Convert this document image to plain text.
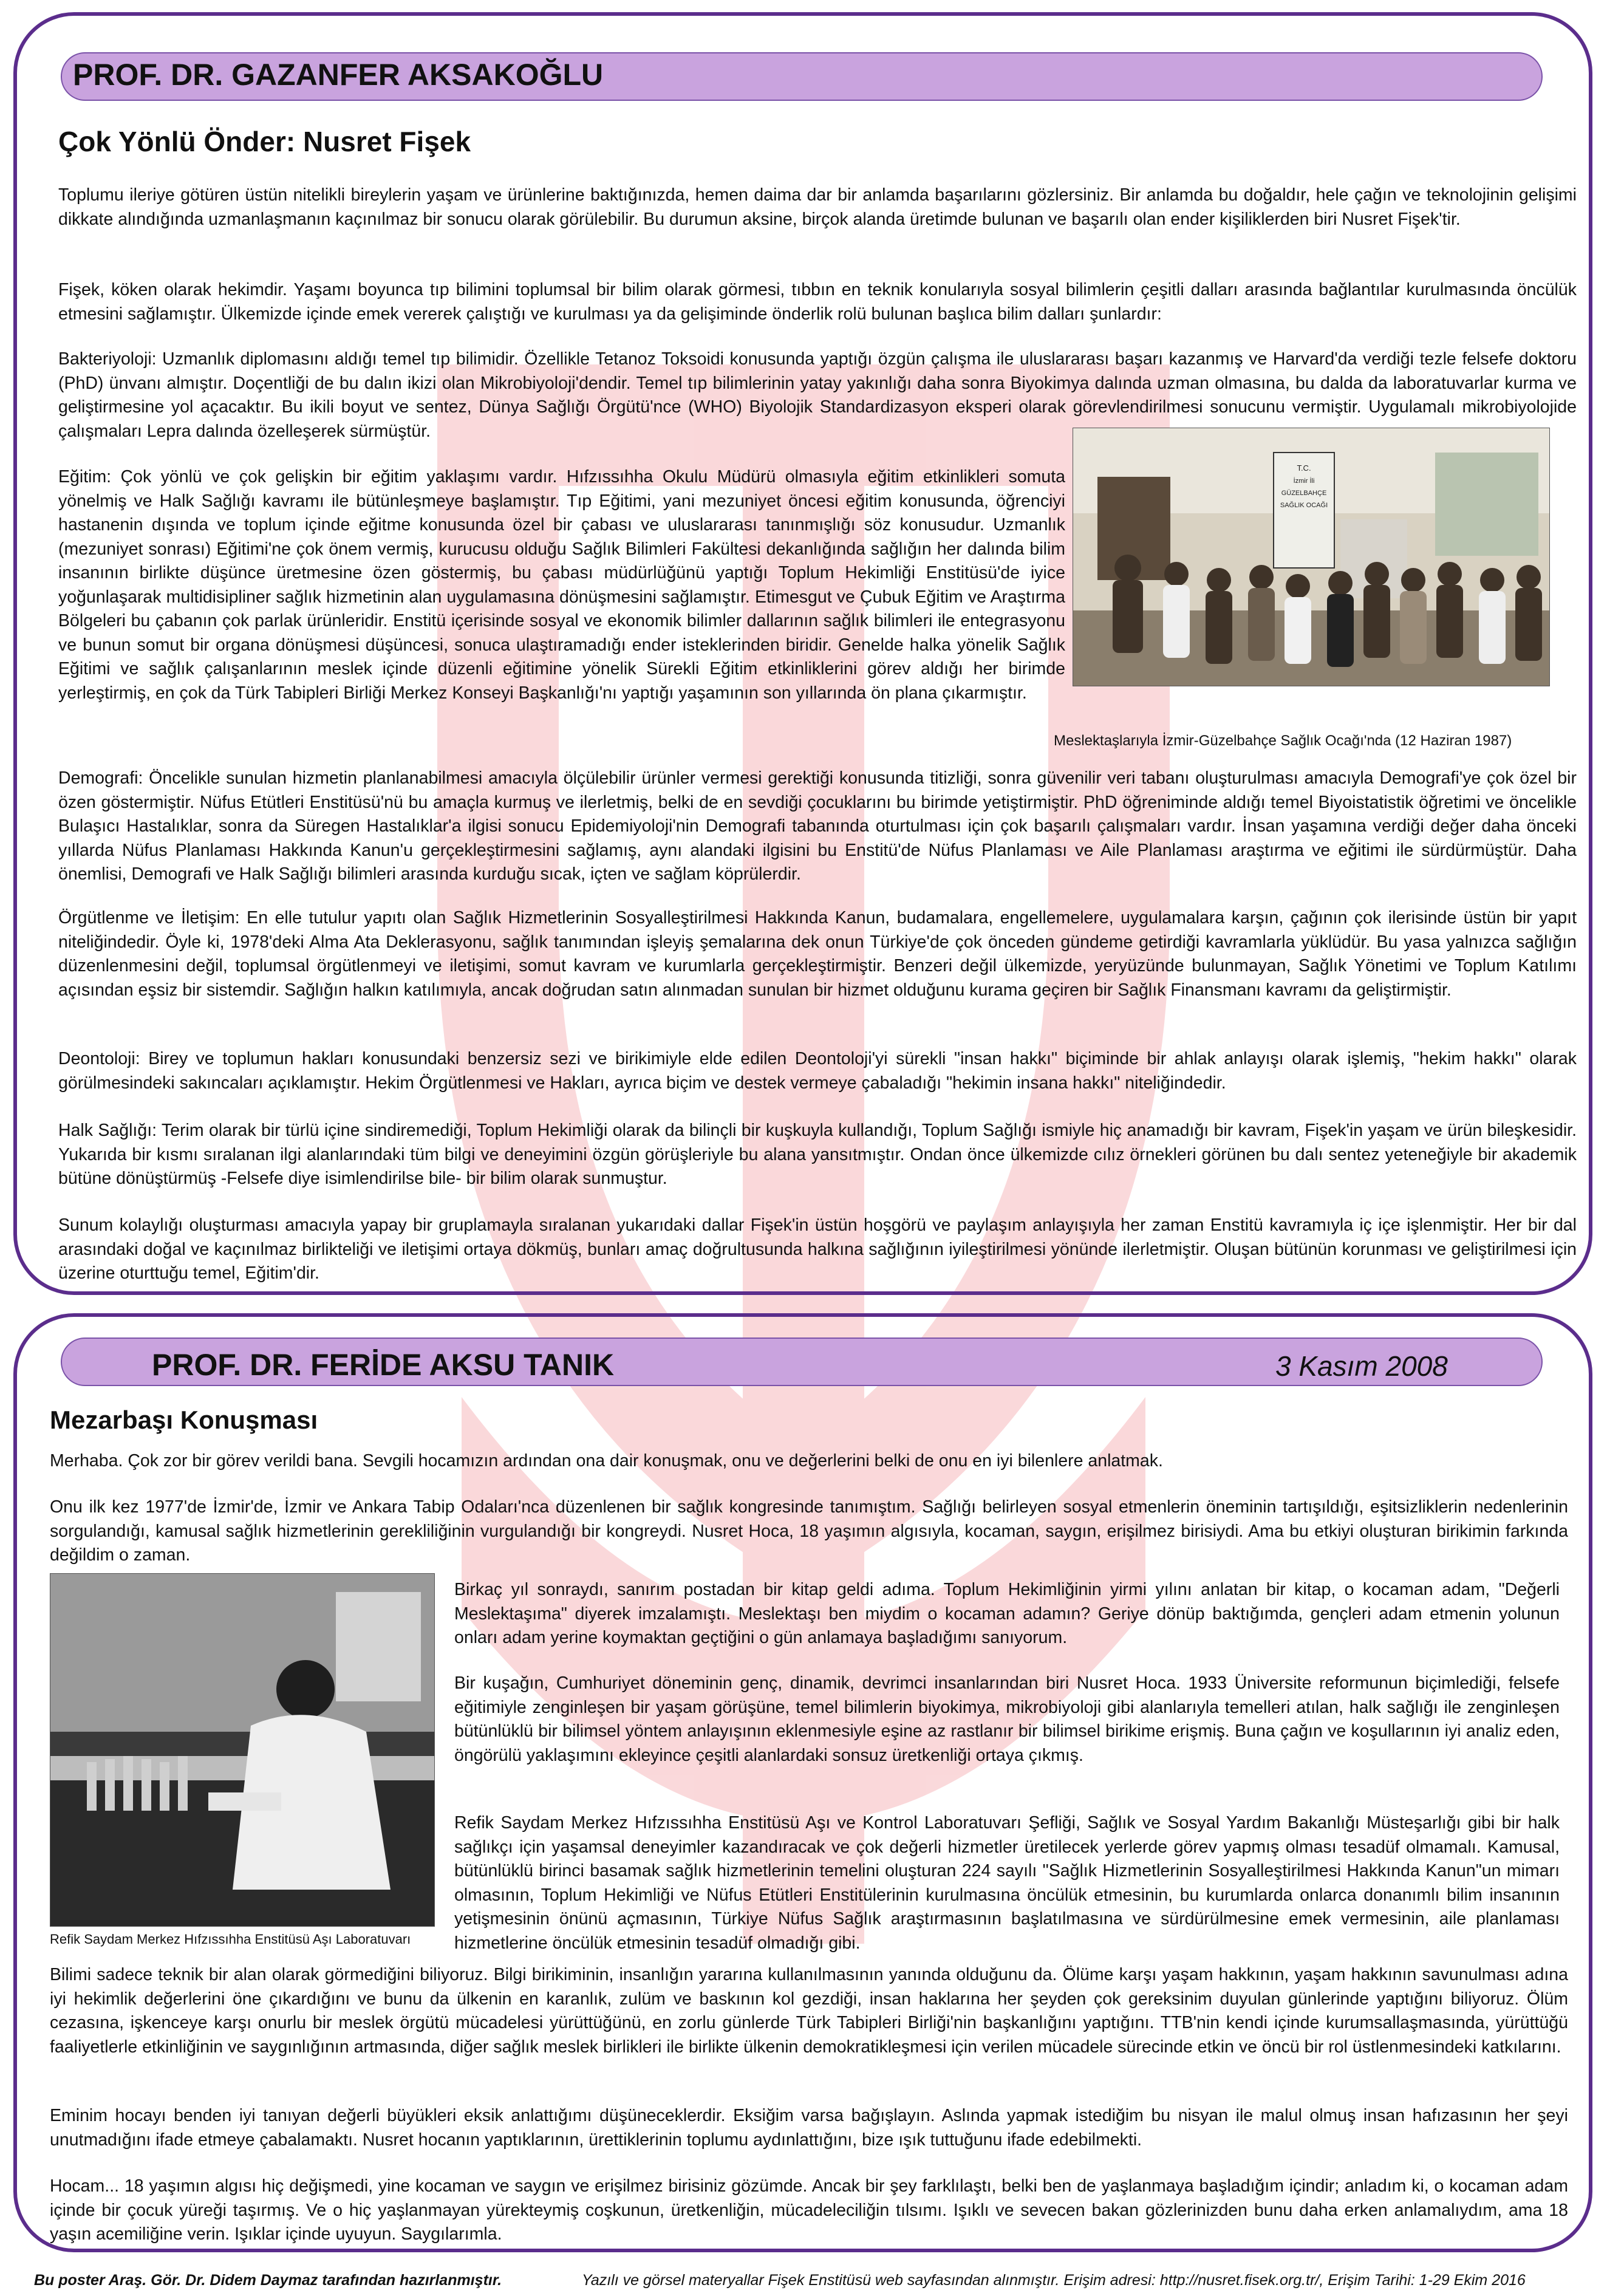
PROF. DR. GAZANFER AKSAKOĞLU
Çok Yönlü Önder: Nusret Fişek

Toplumu ileriye götüren üstün nitelikli bireylerin yaşam ve ürünlerine baktığınızda, hemen daima dar bir anlamda başarılarını gözlersiniz. Bir anlamda bu doğaldır, hele çağın ve teknolojinin gelişimi dikkate alındığında uzmanlaşmanın kaçınılmaz bir sonucu olarak görülebilir. Bu durumun aksine, birçok alanda üretimde bulunan ve başarılı olan ender kişiliklerden biri Nusret Fişek'tir.

Fişek, köken olarak hekimdir. Yaşamı boyunca tıp bilimini toplumsal bir bilim olarak görmesi, tıbbın en teknik konularıyla sosyal bilimlerin çeşitli dalları arasında bağlantılar kurulmasında öncülük etmesini sağlamıştır. Ülkemizde içinde emek vererek çalıştığı ve kurulması ya da gelişiminde önderlik rolü bulunan başlıca bilim dalları şunlardır:

Bakteriyoloji: Uzmanlık diplomasını aldığı temel tıp bilimidir. Özellikle Tetanoz Toksoidi konusunda yaptığı özgün çalışma ile uluslararası başarı kazanmış ve Harvard'da verdiği tezle felsefe doktoru (PhD) ünvanı almıştır. Doçentliği de bu dalın ikizi olan Mikrobiyoloji'dendir. Temel tıp bilimlerinin yatay yakınlığı daha sonra Biyokimya dalında uzman olmasına, bu dalda da laboratuvarlar kurma ve geliştirmesine yol açacaktır. Bu ikili boyut ve sentez, Dünya Sağlığı Örgütü'nce (WHO) Biyolojik Standardizasyon eksperi olarak görevlendirilmesi sonucunu vermiştir. Uygulamalı mikrobiyolojide çalışmaları Lepra dalında özelleşerek sürmüştür.

Eğitim: Çok yönlü ve çok gelişkin bir eğitim yaklaşımı vardır. Hıfzıssıhha Okulu Müdürü olmasıyla eğitim etkinlikleri somuta yönelmiş ve Halk Sağlığı kavramı ile bütünleşmeye başlamıştır. Tıp Eğitimi, yani mezuniyet öncesi eğitim konusunda, öğrenciyi hastanenin dışında ve toplum içinde eğitme konusunda özel bir çabası ve uluslararası tanınmışlığı söz konusudur. Uzmanlık (mezuniyet sonrası) Eğitimi'ne çok önem vermiş, kurucusu olduğu Sağlık Bilimleri Fakültesi dekanlığında sağlığın her dalında bilim insanının birlikte düşünce üretmesine özen göstermiş, bu çabası müdürlüğünü yaptığı Toplum Hekimliği Enstitüsü'de iyice yoğunlaşarak multidisipliner sağlık hizmetinin alan uygulamasına dönüşmesini sağlamıştır. Etimesgut ve Çubuk Eğitim ve Araştırma Bölgeleri bu çabanın çok parlak ürünleridir. Enstitü içerisinde sosyal ve ekonomik bilimler dallarının sağlık bilimleri ile entegrasyonu ve bunun somut bir organa dönüşmesi düşüncesi, sonuca ulaştıramadığı ender isteklerinden biridir. Genelde halka yönelik Sağlık Eğitimi ve sağlık çalışanlarının meslek içinde düzenli eğitimine yönelik Sürekli Eğitim etkinliklerini görev aldığı her birimde yerleştirmiş, en çok da Türk Tabipleri Birliği Merkez Konseyi Başkanlığı'nı yaptığı yaşamının son yıllarında ön plana çıkarmıştır.

Demografi: Öncelikle sunulan hizmetin planlanabilmesi amacıyla ölçülebilir ürünler vermesi gerektiği konusunda titizliği, sonra güvenilir veri tabanı oluşturulması amacıyla Demografi'ye çok özel bir özen göstermiştir. Nüfus Etütleri Enstitüsü'nü bu amaçla kurmuş ve ilerletmiş, belki de en sevdiği çocuklarını bu birimde yetiştirmiştir. PhD öğreniminde aldığı temel Biyoistatistik öğretimi ve öncelikle Bulaşıcı Hastalıklar, sonra da Süregen Hastalıklar'a ilgisi sonucu Epidemiyoloji'nin Demografi tabanında oturtulması için çok başarılı çalışmaları vardır. İnsan yaşamına verdiği değer daha önceki yıllarda Nüfus Planlaması Hakkında Kanun'u gerçekleştirmesini sağlamış, aynı alandaki ilgisini bu Enstitü'de Nüfus Planlaması ve Aile Planlaması araştırma ve eğitimi ile sürdürmüştür. Daha önemlisi, Demografi ve Halk Sağlığı bilimleri arasında kurduğu sıcak, içten ve sağlam köprülerdir.

Örgütlenme ve İletişim: En elle tutulur yapıtı olan Sağlık Hizmetlerinin Sosyalleştirilmesi Hakkında Kanun, budamalara, engellemelere, uygulamalara karşın, çağının çok ilerisinde üstün bir yapıt niteliğindedir. Öyle ki, 1978'deki Alma Ata Deklerasyonu, sağlık tanımından işleyiş şemalarına dek onun Türkiye'de çok önceden gündeme getirdiği kavramlarla yüklüdür. Bu yasa yalnızca sağlığın düzenlenmesini değil, toplumsal örgütlenmeyi ve iletişimi, somut kavram ve kurumlarla gerçekleştirmiştir. Benzeri değil ülkemizde, yeryüzünde bulunmayan, Sağlık Yönetimi ve Toplum Katılımı açısından eşsiz bir sistemdir. Sağlığın halkın katılımıyla, ancak doğrudan satın alınmadan sunulan bir hizmet olduğunu kurama geçiren bir Sağlık Finansmanı kavramı da geliştirmiştir.

Deontoloji: Birey ve toplumun hakları konusundaki benzersiz sezi ve birikimiyle elde edilen Deontoloji'yi sürekli "insan hakkı" biçiminde bir ahlak anlayışı olarak işlemiş, "hekim hakkı" olarak görülmesindeki sakıncaları açıklamıştır. Hekim Örgütlenmesi ve Hakları, ayrıca biçim ve destek vermeye çabaladığı "hekimin insana hakkı" niteliğindedir.

Halk Sağlığı: Terim olarak bir türlü içine sindiremediği, Toplum Hekimliği olarak da bilinçli bir kuşkuyla kullandığı, Toplum Sağlığı ismiyle hiç anamadığı bir kavram, Fişek'in yaşam ve ürün bileşkesidir. Yukarıda bir kısmı sıralanan ilgi alanlarındaki tüm bilgi ve deneyimini özgün görüşleriyle bu alana yansıtmıştır. Ondan önce ülkemizde cılız örnekleri görünen bu dalı sentez yeteneğiyle bir akademik bütüne dönüştürmüş -Felsefe diye isimlendirilse bile- bir bilim olarak sunmuştur.

Sunum kolaylığı oluşturması amacıyla yapay bir gruplamayla sıralanan yukarıdaki dallar Fişek'in üstün hoşgörü ve paylaşım anlayışıyla her zaman Enstitü kavramıyla iç içe işlenmiştir. Her bir dal arasındaki doğal ve kaçınılmaz birlikteliği ve iletişimi ortaya dökmüş, bunları amaç doğrultusunda halkına sağlığının iyileştirilmesi yönünde ilerletmiştir. Oluşan bütünün korunması ve geliştirilmesi için üzerine oturttuğu temel, Eğitim'dir.

T.C.
İzmir İli
GÜZELBAHÇE
SAĞLIK OCAĞI
Meslektaşlarıyla İzmir-Güzelbahçe Sağlık Ocağı'nda (12 Haziran 1987)
PROF. DR. FERİDE AKSU TANIK	3 Kasım 2008
Mezarbaşı Konuşması

Merhaba. Çok zor bir görev verildi bana. Sevgili hocamızın ardından ona dair konuşmak, onu ve değerlerini belki de onu en iyi bilenlere anlatmak.

Onu ilk kez 1977'de İzmir'de, İzmir ve Ankara Tabip Odaları'nca düzenlenen bir sağlık kongresinde tanımıştım. Sağlığı belirleyen sosyal etmenlerin öneminin tartışıldığı, eşitsizliklerin nedenlerinin sorgulandığı, kamusal sağlık hizmetlerinin gerekliliğinin vurgulandığı bir kongreydi. Nusret Hoca, 18 yaşımın algısıyla, kocaman, saygın, erişilmez birisiydi. Ama bu etkiyi oluşturan birikimin farkında değildim o zaman.

Birkaç yıl sonraydı, sanırım postadan bir kitap geldi adıma. Toplum Hekimliğinin yirmi yılını anlatan bir kitap, o kocaman adam, "Değerli Meslektaşıma" diyerek imzalamıştı. Meslektaşı ben miydim o kocaman adamın? Geriye dönüp baktığımda, gençleri adam etmenin yolunun onları adam yerine koymaktan geçtiğini o gün anlamaya başladığımı sanıyorum.

Bir kuşağın, Cumhuriyet döneminin genç, dinamik, devrimci insanlarından biri Nusret Hoca. 1933 Üniversite reformunun biçimlediği, felsefe eğitimiyle zenginleşen bir yaşam görüşüne, temel bilimlerin biyokimya, mikrobiyoloji gibi alanlarıyla temelleri atılan, halk sağlığı ile zenginleşen bütünlüklü bir bilimsel yöntem anlayışının eklenmesiyle eşine az rastlanır bir bilimsel birikime erişmiş. Buna çağın ve koşullarının iyi analiz eden, öngörülü yaklaşımını ekleyince çeşitli alanlardaki sonsuz üretkenliği ortaya çıkmış.

Refik Saydam Merkez Hıfzıssıhha Enstitüsü Aşı ve Kontrol Laboratuvarı Şefliği, Sağlık ve Sosyal Yardım Bakanlığı Müsteşarlığı gibi bir halk sağlıkçı için yaşamsal deneyimler kazandıracak ve çok değerli hizmetler üretilecek yerlerde görev yapmış olması tesadüf olmamalı. Kamusal, bütünlüklü birinci basamak sağlık hizmetlerinin temelini oluşturan 224 sayılı "Sağlık Hizmetlerinin Sosyalleştirilmesi Hakkında Kanun"un mimarı olmasının, Toplum Hekimliği ve Nüfus Etütleri Enstitülerinin kurulmasına öncülük etmesinin, bu kurumlarda onlarca donanımlı bilim insanının yetişmesinin önünü açmasının, Türkiye Nüfus Sağlık araştırmasının başlatılmasına ve sürdürülmesine emek vermesinin, aile planlaması hizmetlerine öncülük etmesinin tesadüf olmadığı gibi.

Bilimi sadece teknik bir alan olarak görmediğini biliyoruz. Bilgi birikiminin, insanlığın yararına kullanılmasının yanında olduğunu da. Ölüme karşı yaşam hakkının, yaşam hakkının savunulması adına iyi hekimlik değerlerini öne çıkardığını ve bunu da ülkenin en karanlık, zulüm ve baskının kol gezdiği, insan haklarına her şeyden çok gereksinim duyulan günlerinde yaptığını biliyoruz. Ölüm cezasına, işkenceye karşı onurlu bir meslek örgütü mücadelesi yürüttüğünü, en zorlu günlerde Türk Tabipleri Birliği'nin başkanlığını yaptığını. TTB'nin kendi içinde kurumsallaşmasında, yürüttüğü faaliyetlerle etkinliğinin ve saygınlığının artmasında, diğer sağlık meslek birlikleri ile birlikte ülkenin demokratikleşmesi için verilen mücadele sürecinde etkin ve öncü bir rol üstlenmesindeki katkılarını.

Eminim hocayı benden iyi tanıyan değerli büyükleri eksik anlattığımı düşüneceklerdir. Eksiğim varsa bağışlayın. Aslında yapmak istediğim bu nisyan ile malul olmuş insan hafızasının her şeyi unutmadığını ifade etmeye çabalamaktı. Nusret hocanın yaptıklarının, ürettiklerinin toplumu aydınlattığını, bize ışık tuttuğunu ifade edebilmekti.

Hocam... 18 yaşımın algısı hiç değişmedi, yine kocaman ve saygın ve erişilmez birisiniz gözümde. Ancak bir şey farklılaştı, belki ben de yaşlanmaya başladığım içindir; anladım ki, o kocaman adam içinde bir çocuk yüreği taşırmış. Ve o hiç yaşlanmayan yürekteymiş coşkunun, üretkenliğin, mücadeleciliğin tılsımı. Işıklı ve sevecen bakan gözlerinizden bunu daha erken anlamalıydım, ama 18 yaşın acemiliğine verin. Işıklar içinde uyuyun. Saygılarımla.

Refik Saydam Merkez Hıfzıssıhha Enstitüsü Aşı Laboratuvarı
Bu poster Araş. Gör. Dr. Didem Daymaz tarafından hazırlanmıştır.	Yazılı ve görsel materyallar Fişek Enstitüsü web sayfasından alınmıştır. Erişim adresi: http://nusret.fisek.org.tr/, Erişim Tarihi: 1-29 Ekim 2016
